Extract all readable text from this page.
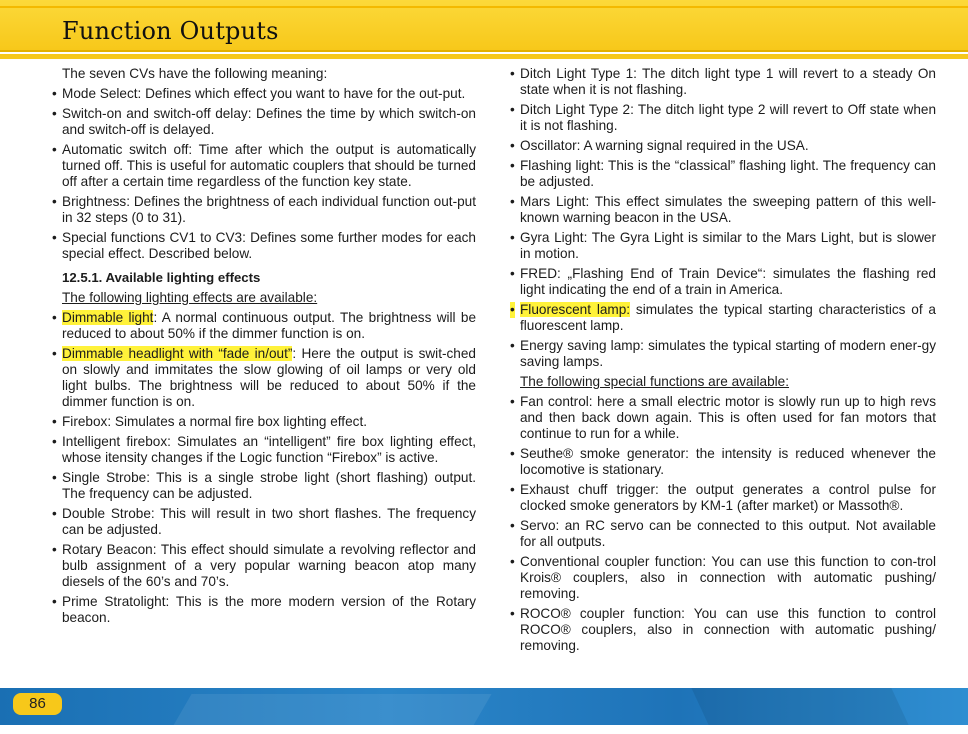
Function Outputs

The seven CVs have the following meaning:

• Mode Select: Defines which effect you want to have for the out-put.
• Switch-on and switch-off delay: Defines the time by which switch-on and switch-off is delayed.
• Automatic switch off: Time after which the output is automatically turned off. This is useful for automatic couplers that should be turned off after a certain time regardless of the function key state.
• Brightness: Defines the brightness of each individual function out-put in 32 steps (0 to 31).
• Special functions CV1 to CV3: Defines some further modes for each special effect. Described below.
12.5.1. Available lighting effects
The following lighting effects are available:
• Dimmable light: A normal continuous output. The brightness will be reduced to about 50% if the dimmer function is on.
• Dimmable headlight with “fade in/out”: Here the output is swit-ched on slowly and immitates the slow glowing of oil lamps or very old light bulbs. The brightness will be reduced to about 50% if the dimmer function is on.
• Firebox: Simulates a normal fire box lighting effect.
• Intelligent firebox: Simulates an “intelligent” fire box lighting effect, whose itensity changes if the Logic function “Firebox” is active.
• Single Strobe: This is a single strobe light (short flashing) output. The frequency can be adjusted.
• Double Strobe: This will result in two short flashes. The frequency can be adjusted.
• Rotary Beacon: This effect should simulate a revolving reflector and bulb assignment of a very popular warning beacon atop many diesels of the 60’s and 70’s.
• Prime Stratolight: This is the more modern version of the Rotary beacon.
• Ditch Light Type 1: The ditch light type 1 will revert to a steady On state when it is not flashing.
• Ditch Light Type 2: The ditch light type 2 will revert to Off state when it is not flashing.
• Oscillator: A warning signal required in the USA.
• Flashing light: This is the “classical” flashing light. The frequency can be adjusted.
• Mars Light: This effect simulates the sweeping pattern of this well-known warning beacon in the USA.
• Gyra Light: The Gyra Light is similar to the Mars Light, but is slower in motion.
• FRED: „Flashing End of Train Device“: simulates the flashing red light indicating the end of a train in America.
• Fluorescent lamp: simulates the typical starting characteristics of a fluorescent lamp.
• Energy saving lamp: simulates the typical starting of modern ener-gy saving lamps.
The following special functions are available:
• Fan control: here a small electric motor is slowly run up to high revs and then back down again. This is often used for fan motors that continue to run for a while.
• Seuthe® smoke generator: the intensity is reduced whenever the locomotive is stationary.
• Exhaust chuff trigger: the output generates a control pulse for clocked smoke generators by KM-1 (after market) or Massoth®.
• Servo: an RC servo can be connected to this output. Not available for all outputs.
• Conventional coupler function: You can use this function to con-trol Krois® couplers, also in connection with automatic pushing/ removing.
• ROCO® coupler function: You can use this function to control ROCO® couplers, also in connection with automatic pushing/ removing.
86
